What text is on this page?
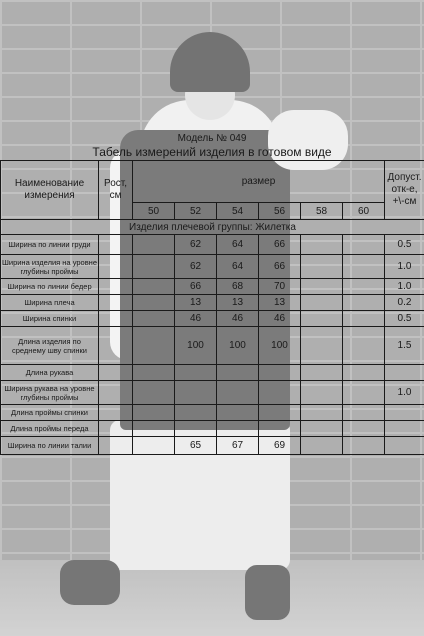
Модель № 049
Табель измерений изделия в готовом виде
Наименование измерения	Рост, см	размер						Допуст. отк-е, +\-см
		50	52	54	56	58	60	
Изделия плечевой группы: Жилетка								
Ширина по линии груди			62	64	66			0.5
Ширина изделия на уровне глубины проймы			62	64	66			1.0
Ширина по линии бедер			66	68	70			1.0
Ширина плеча			13	13	13			0.2
Ширина спинки			46	46	46			0.5
Длина изделия по среднему шву спинки			100	100	100			1.5
Длина рукава								
Ширина рукава на уровне глубины проймы								1.0
Длина проймы спинки								
Длина проймы переда								
Ширина по линии талии			65	67	69			
